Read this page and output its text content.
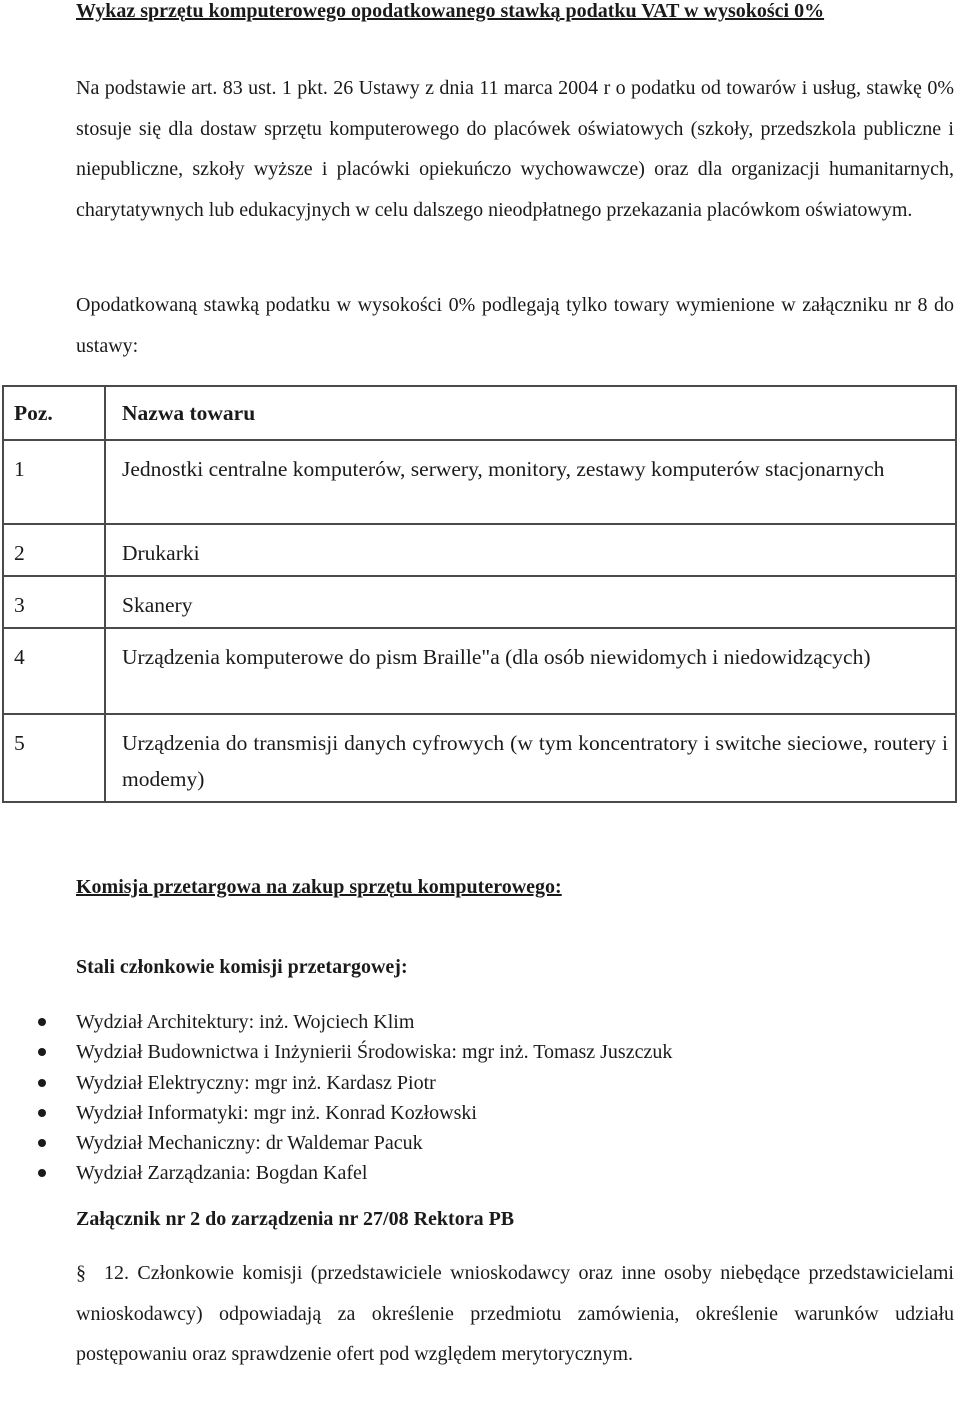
Wykaz sprzętu komputerowego opodatkowanego stawką podatku VAT w wysokości 0%
Na podstawie art. 83 ust. 1 pkt. 26 Ustawy z dnia 11 marca 2004 r o podatku od towarów i usług, stawkę 0% stosuje się dla dostaw sprzętu komputerowego do placówek oświatowych (szkoły, przedszkola publiczne i niepubliczne, szkoły wyższe i placówki opiekuńczo wychowawcze) oraz dla organizacji humanitarnych, charytatywnych lub edukacyjnych w celu dalszego nieodpłatnego przekazania placówkom oświatowym.
Opodatkowaną stawką podatku w wysokości 0% podlegają tylko towary wymienione w załączniku nr 8 do ustawy:
Poz.	Nazwa towaru

1	Jednostki centralne komputerów, serwery, monitory, zestawy komputerów stacjonarnych

2	Drukarki

3	Skanery

4	Urządzenia komputerowe do pism Braille"a (dla osób niewidomych i niedowidzących)

5	Urządzenia do transmisji danych cyfrowych (w tym koncentratory i switche sieciowe, routery i modemy)
Komisja przetargowa na zakup sprzętu komputerowego:
Stali członkowie komisji przetargowej:
Wydział Architektury: inż. Wojciech Klim
Wydział Budownictwa i Inżynierii Środowiska: mgr inż. Tomasz Juszczuk
Wydział Elektryczny: mgr inż. Kardasz Piotr
Wydział Informatyki: mgr inż. Konrad Kozłowski
Wydział Mechaniczny: dr Waldemar Pacuk
Wydział Zarządzania: Bogdan Kafel
Załącznik nr 2 do zarządzenia nr 27/08 Rektora PB
§ 12. Członkowie komisji (przedstawiciele wnioskodawcy oraz inne osoby niebędące przedstawicielami wnioskodawcy) odpowiadają za określenie przedmiotu zamówienia, określenie warunków udziału postępowaniu oraz sprawdzenie ofert pod względem merytorycznym.
